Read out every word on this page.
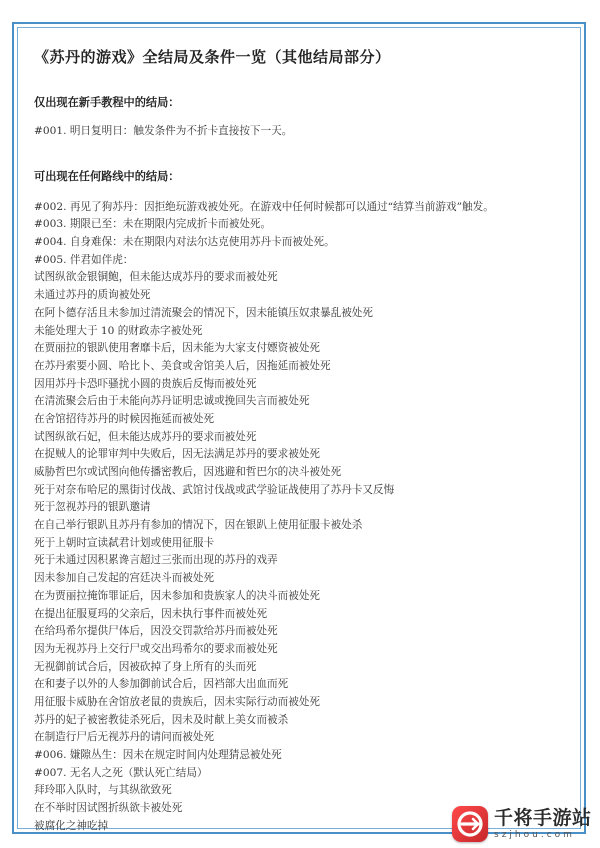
《苏丹的游戏》全结局及条件一览（其他结局部分）
仅出现在新手教程中的结局：
#001. 明日复明日：触发条件为不折卡直接按下一天。
可出现在任何路线中的结局：
#002. 再见了狗苏丹：因拒绝玩游戏被处死。在游戏中任何时候都可以通过“结算当前游戏”触发。
#003. 期限已至：未在期限内完成折卡而被处死。
#004. 自身难保：未在期限内对法尔达克使用苏丹卡而被处死。
#005. 伴君如伴虎：
试图纵欲金银铜鲍，但未能达成苏丹的要求而被处死
未通过苏丹的质询被处死
在阿卜德存活且未参加过清流聚会的情况下，因未能镇压奴隶暴乱被处死
未能处理大于 10 的财政赤字被处死
在贾丽拉的银趴使用奢靡卡后，因未能为大家支付嫖资被处死
在苏丹索要小圆、哈比卜、美食或舍馆美人后，因拖延而被处死
因用苏丹卡恐吓骚扰小圆的贵族后反悔而被处死
在清流聚会后由于未能向苏丹证明忠诚或挽回失言而被处死
在舍馆招待苏丹的时候因拖延而被处死
试图纵欲石妃，但未能达成苏丹的要求而被处死
在捉贼人的论罪审判中失败后，因无法满足苏丹的要求被处死
威胁哲巴尔或试图向他传播密教后，因逃避和哲巴尔的决斗被处死
死于对奈布哈尼的黑街讨伐战、武馆讨伐战或武学验证战使用了苏丹卡又反悔
死于忽视苏丹的银趴邀请
在自己举行银趴且苏丹有参加的情况下，因在银趴上使用征服卡被处杀
死于上朝时宣读弑君计划或使用征服卡
死于未通过因积累谗言超过三张而出现的苏丹的戏弄
因未参加自己发起的宫廷决斗而被处死
在为贾丽拉掩饰罪证后，因未参加和贵族家人的决斗而被处死
在提出征服夏玛的父亲后，因未执行事件而被处死
在给玛希尔提供尸体后，因没交罚款给苏丹而被处死
因为无视苏丹上交行尸或交出玛希尔的要求而被处死
无视御前试合后，因被砍掉了身上所有的头而死
在和妻子以外的人参加御前试合后，因裆部大出血而死
用征服卡威胁在舍馆放老鼠的贵族后，因未实际行动而被处死
苏丹的妃子被密教徒杀死后，因未及时献上美女而被杀
在制造行尸后无视苏丹的请问而被处死
#006. 嫌隙丛生：因未在规定时间内处理猜忌被处死
#007. 无名人之死（默认死亡结局）
拜玲耶入队时，与其纵欲致死
在不举时因试图折纵欲卡被处死
被腐化之神吃掉	千将手游站
szjhou.com
